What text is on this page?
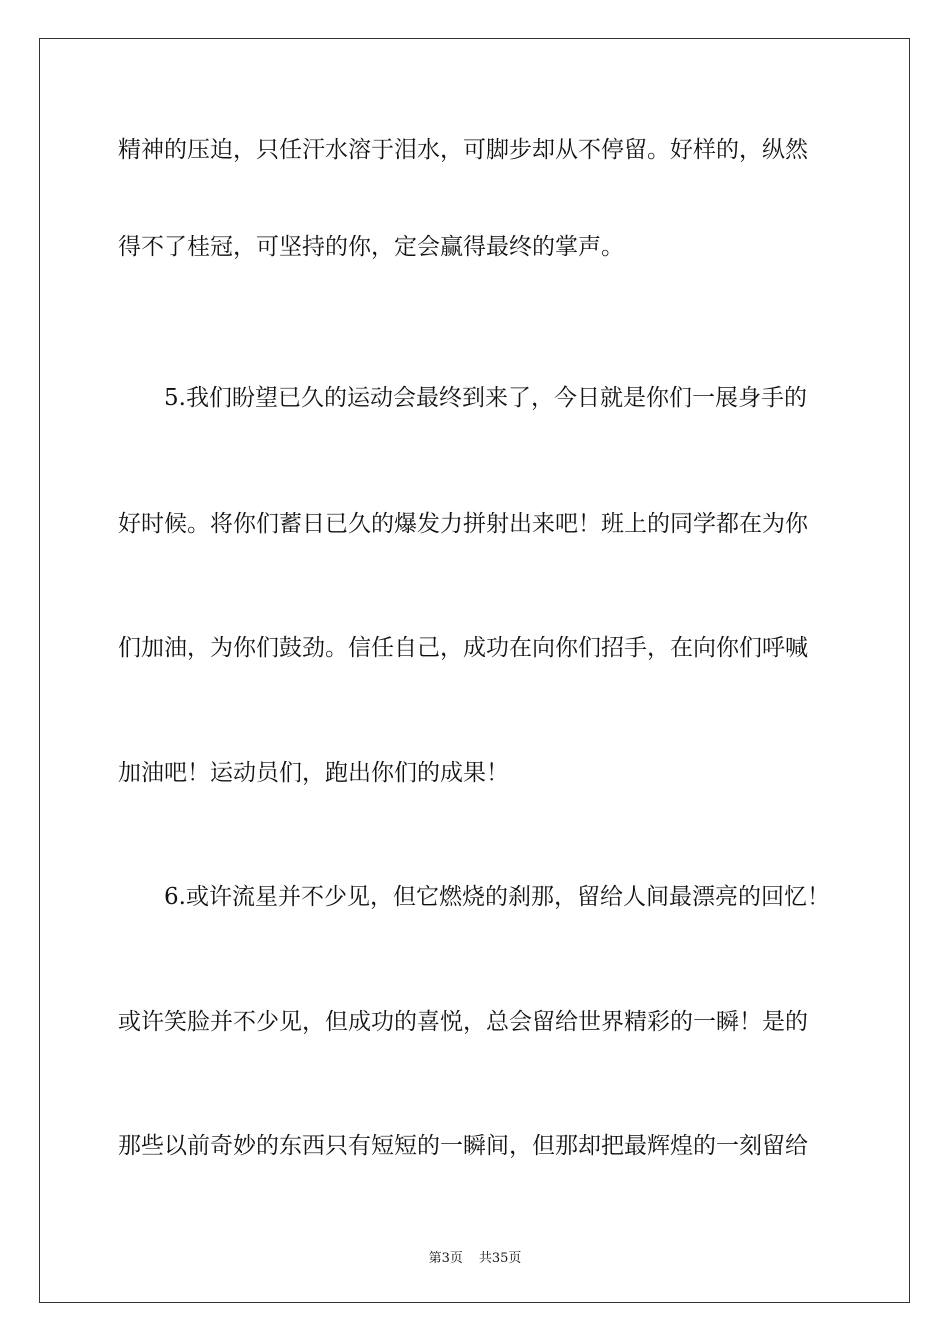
精神的压迫，只任汗水溶于泪水，可脚步却从不停留。好样的，纵然
得不了桂冠，可坚持的你，定会赢得最终的掌声。
5.我们盼望已久的运动会最终到来了，今日就是你们一展身手的
好时候。将你们蓄日已久的爆发力拼射出来吧！班上的同学都在为你
们加油，为你们鼓劲。信任自己，成功在向你们招手，在向你们呼喊
加油吧！运动员们，跑出你们的成果！
6.或许流星并不少见，但它燃烧的刹那，留给人间最漂亮的回忆！
或许笑脸并不少见，但成功的喜悦，总会留给世界精彩的一瞬！是的
那些以前奇妙的东西只有短短的一瞬间，但那却把最辉煌的一刻留给
第3页 共35页
